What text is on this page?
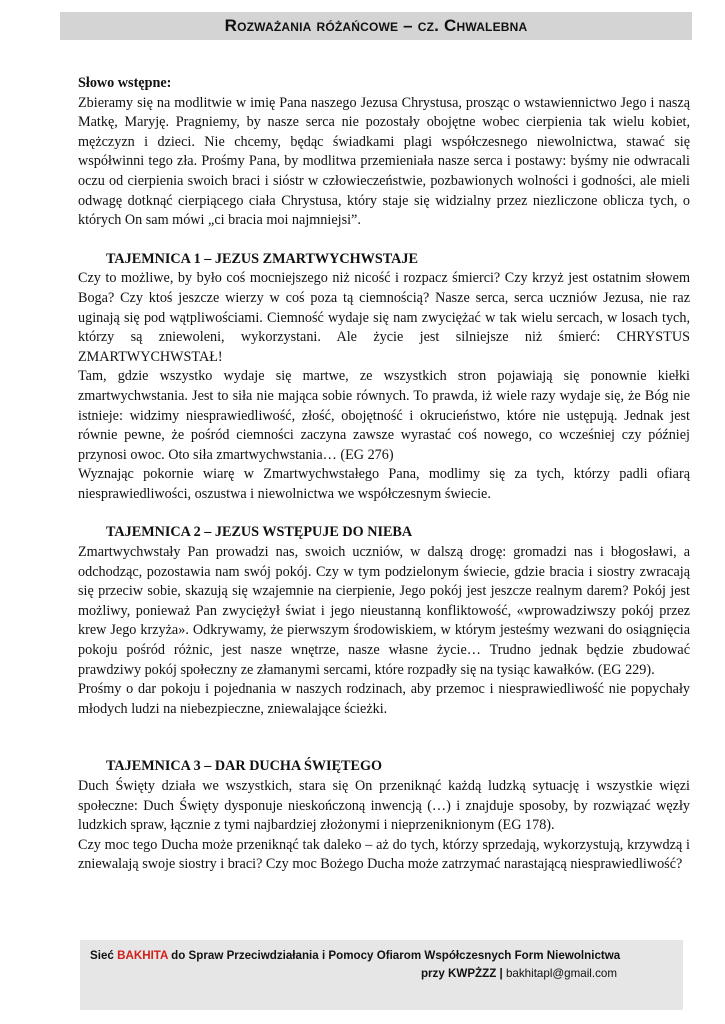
Rozważania różańcowe – cz. Chwalebna

Słowo wstępne:

Zbieramy się na modlitwie w imię Pana naszego Jezusa Chrystusa, prosząc o wstawiennictwo Jego i naszą Matkę, Maryję. Pragniemy, by nasze serca nie pozostały obojętne wobec cierpienia tak wielu kobiet, mężczyzn i dzieci. Nie chcemy, będąc świadkami plagi współczesnego niewolnictwa, stawać się współwinni tego zła. Prośmy Pana, by modlitwa przemieniała nasze serca i postawy: byśmy nie odwracali oczu od cierpienia swoich braci i sióstr w człowieczeństwie, pozbawionych wolności i godności, ale mieli odwagę dotknąć cierpiącego ciała Chrystusa, który staje się widzialny przez niezliczone oblicza tych, o których On sam mówi „ci bracia moi najmniejsi”.

TAJEMNICA 1 – JEZUS ZMARTWYCHWSTAJE

Czy to możliwe, by było coś mocniejszego niż nicość i rozpacz śmierci? Czy krzyż jest ostatnim słowem Boga? Czy ktoś jeszcze wierzy w coś poza tą ciemnością? Nasze serca, serca uczniów Jezusa, nie raz uginają się pod wątpliwościami. Ciemność wydaje się nam zwyciężać w tak wielu sercach, w losach tych, którzy są zniewoleni, wykorzystani. Ale życie jest silniejsze niż śmierć: CHRYSTUS ZMARTWYCHWSTAŁ!

Tam, gdzie wszystko wydaje się martwe, ze wszystkich stron pojawiają się ponownie kiełki zmartwychwstania. Jest to siła nie mająca sobie równych. To prawda, iż wiele razy wydaje się, że Bóg nie istnieje: widzimy niesprawiedliwość, złość, obojętność i okrucieństwo, które nie ustępują. Jednak jest równie pewne, że pośród ciemności zaczyna zawsze wyrastać coś nowego, co wcześniej czy później przynosi owoc. Oto siła zmartwychwstania… (EG 276)

Wyznając pokornie wiarę w Zmartwychwstałego Pana, modlimy się za tych, którzy padli ofiarą niesprawiedliwości, oszustwa i niewolnictwa we współczesnym świecie.

TAJEMNICA 2 – JEZUS WSTĘPUJE DO NIEBA

Zmartwychwstały Pan prowadzi nas, swoich uczniów, w dalszą drogę: gromadzi nas i błogosławi, a odchodząc, pozostawia nam swój pokój. Czy w tym podzielonym świecie, gdzie bracia i siostry zwracają się przeciw sobie, skazują się wzajemnie na cierpienie, Jego pokój jest jeszcze realnym darem? Pokój jest możliwy, ponieważ Pan zwyciężył świat i jego nieustanną konfliktowość, «wprowadziwszy pokój przez krew Jego krzyża». Odkrywamy, że pierwszym środowiskiem, w którym jesteśmy wezwani do osiągnięcia pokoju pośród różnic, jest nasze wnętrze, nasze własne życie… Trudno jednak będzie zbudować prawdziwy pokój społeczny ze złamanymi sercami, które rozpadły się na tysiąc kawałków. (EG 229).

Prośmy o dar pokoju i pojednania w naszych rodzinach, aby przemoc i niesprawiedliwość nie popychały młodych ludzi na niebezpieczne, zniewalające ścieżki.

TAJEMNICA 3 – DAR DUCHA ŚWIĘTEGO

Duch Święty działa we wszystkich, stara się On przeniknąć każdą ludzką sytuację i wszystkie więzi społeczne: Duch Święty dysponuje nieskończoną inwencją (…) i znajduje sposoby, by rozwiązać węzły ludzkich spraw, łącznie z tymi najbardziej złożonymi i nieprzeniknionym (EG 178).

Czy moc tego Ducha może przeniknąć tak daleko – aż do tych, którzy sprzedają, wykorzystują, krzywdzą i zniewalają swoje siostry i braci? Czy moc Bożego Ducha może zatrzymać narastającą niesprawiedliwość?

Sieć BAKHITA do Spraw Przeciwdziałania i Pomocy Ofiarom Współczesnych Form Niewolnictwa
przy KWPŻZZ | bakhitapl@gmail.com
